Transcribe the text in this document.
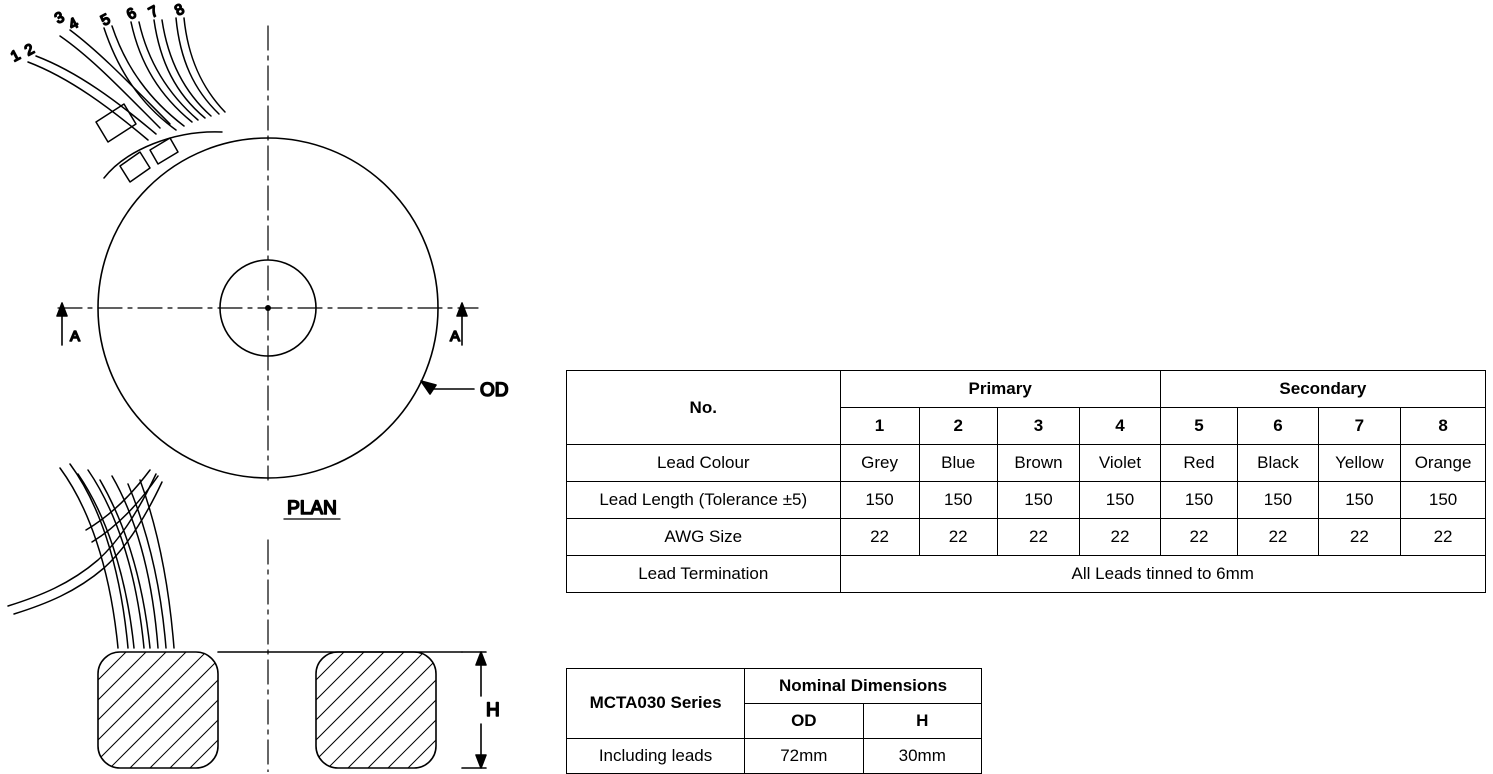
PLAN
1
2
3
4 5 6 7 8
H
OD
A	A
No.	Primary				Secondary			
	1	2	3	4	5	6	7	8
Lead Colour	Grey	Blue	Brown	Violet	Red	Black	Yellow	Orange
Lead Length (Tolerance ±5)	150	150	150	150	150	150	150	150
AWG Size	22	22	22	22	22	22	22	22
Lead Termination	All Leads tinned to 6mm							
MCTA030 Series	Nominal Dimensions	
	OD	H
Including leads	72mm	30mm
